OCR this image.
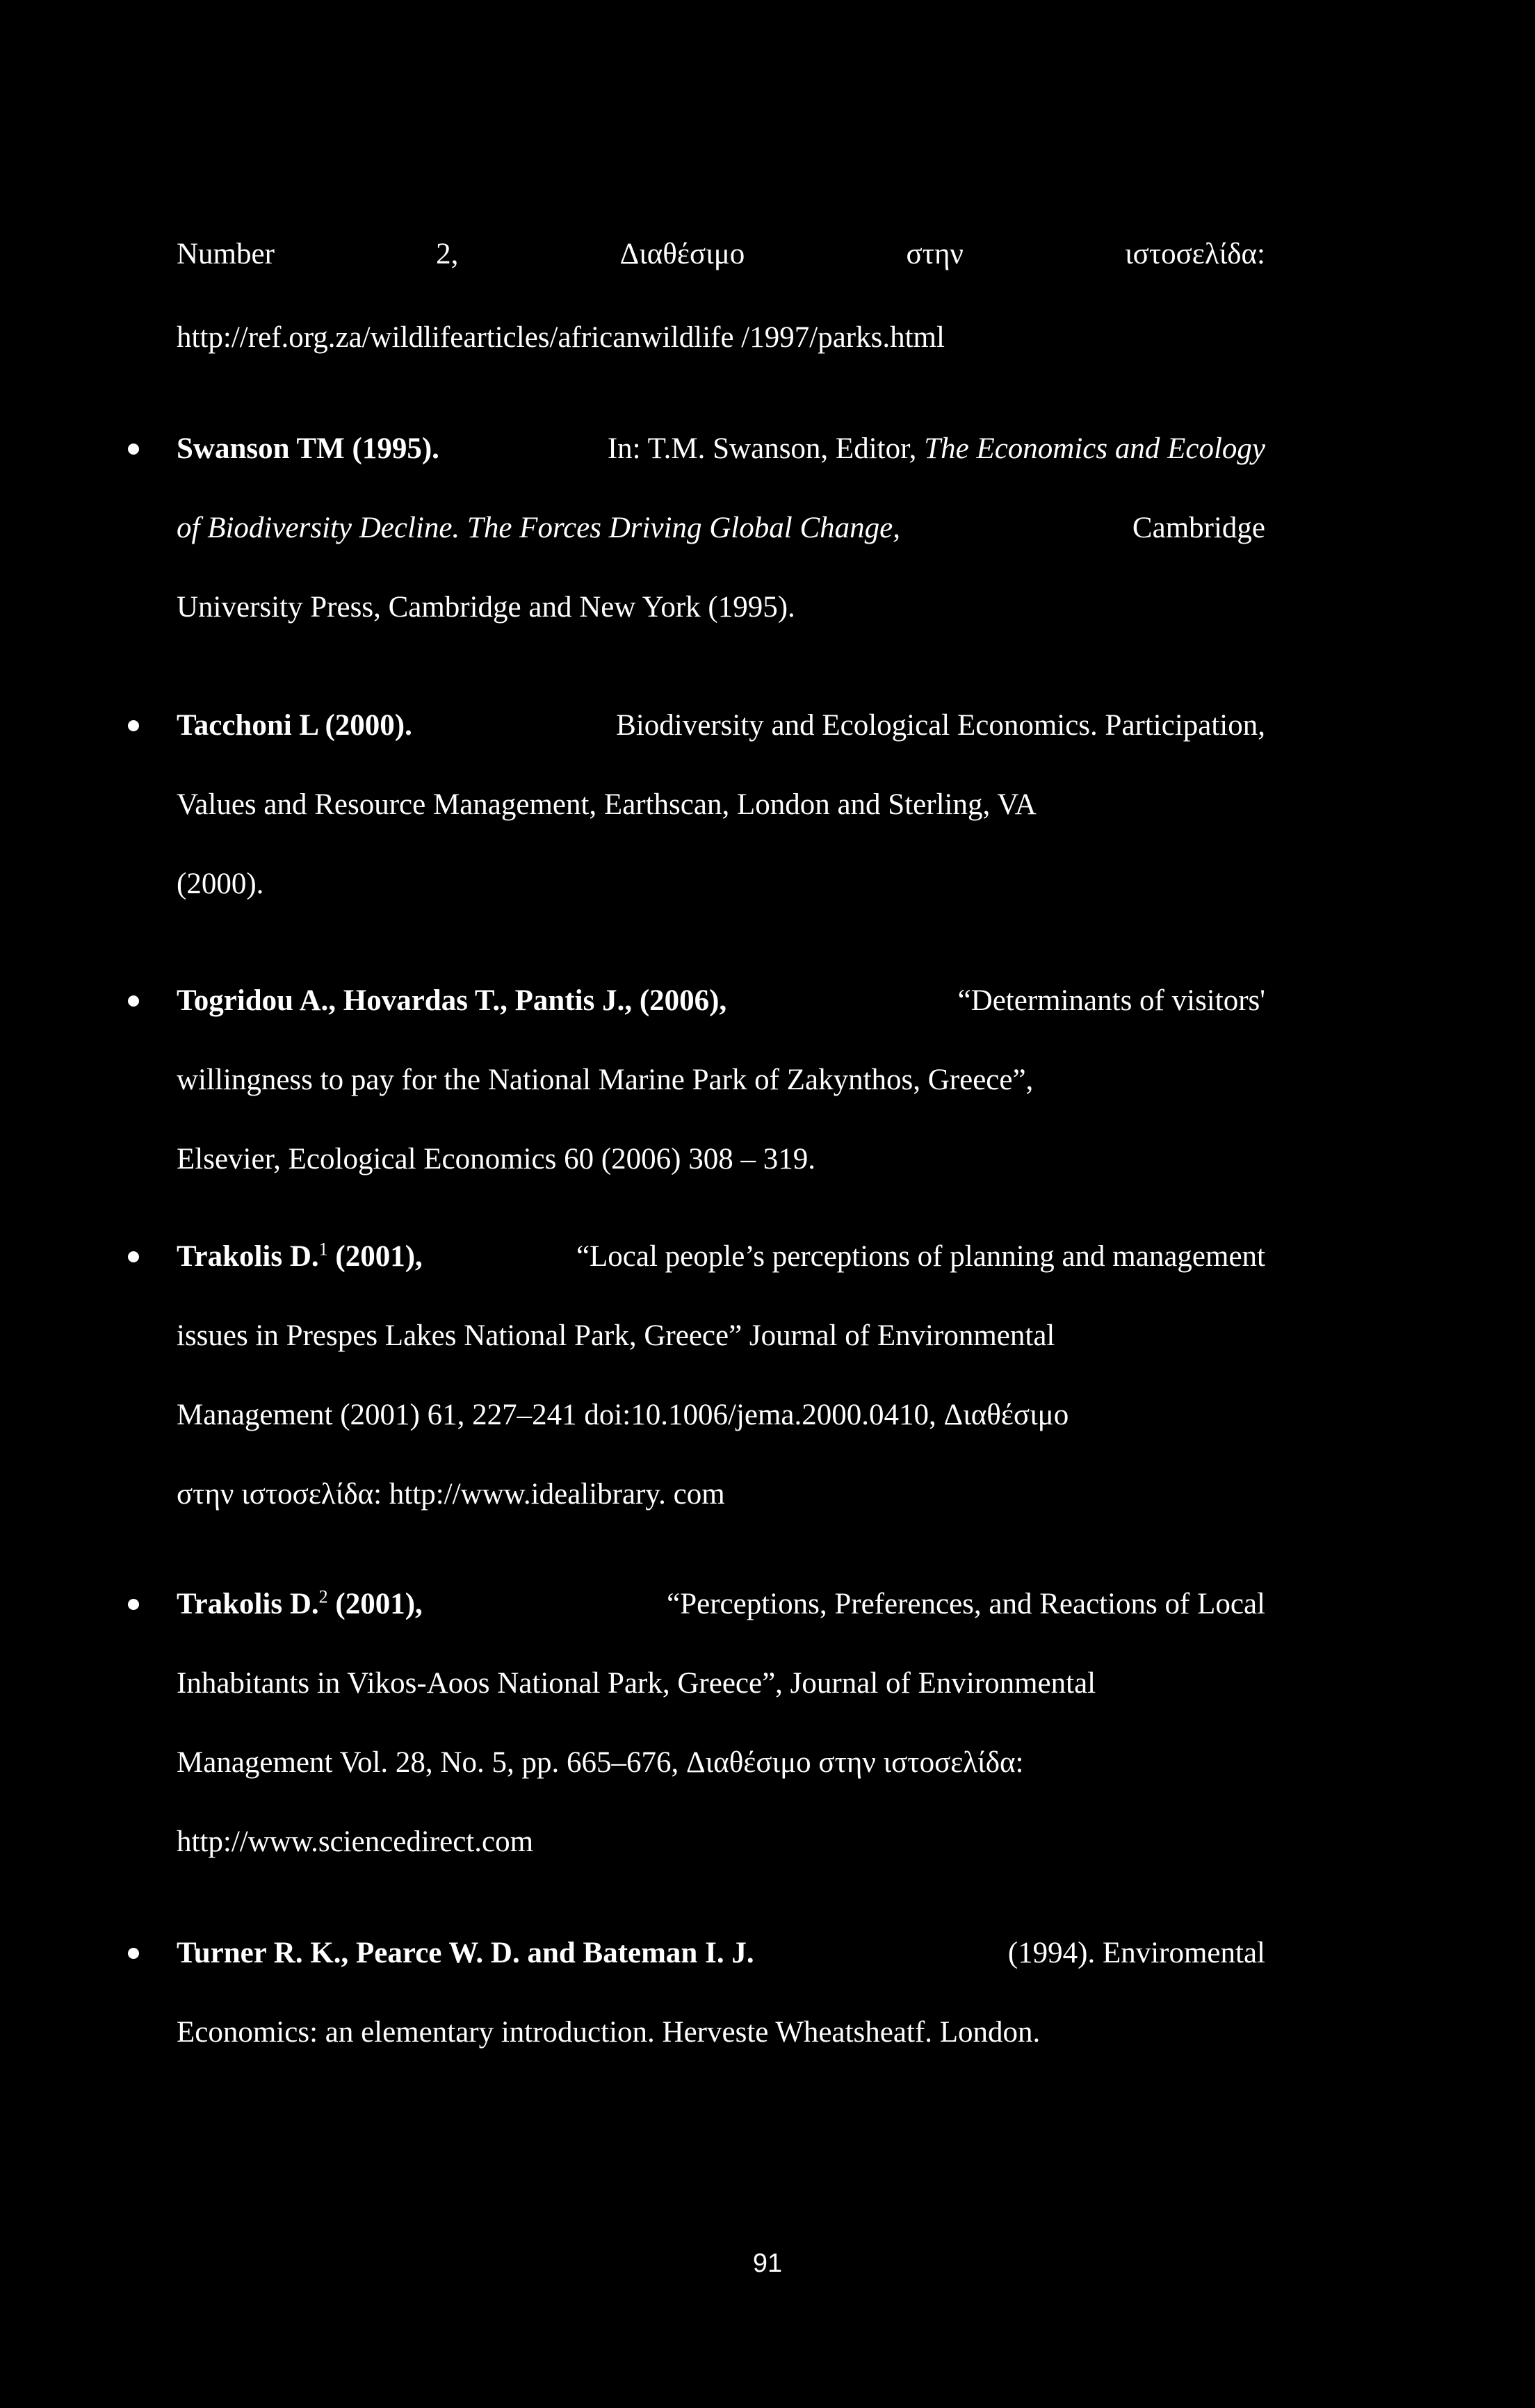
Number	2,	Διαθέσιμο	στην	ιστοσελίδα:
http://ref.org.za/wildlifearticles/africanwildlife /1997/parks.html
Swanson TM (1995).	In: T.M. Swanson, Editor, The Economics and Ecology
of Biodiversity Decline. The Forces Driving Global Change,	Cambridge
University Press, Cambridge and New York (1995).
Tacchoni L (2000).	Biodiversity and Ecological Economics. Participation,
Values and Resource Management, Earthscan, London and Sterling, VA
(2000).
Togridou A., Hovardas T., Pantis J., (2006),	“Determinants of visitors'
willingness to pay for the National Marine Park of Zakynthos, Greece”,
Elsevier, Ecological Economics 60 (2006) 308 – 319.
Trakolis D.$^1$ (2001),	“Local people’s perceptions of planning and management
issues in Prespes Lakes National Park, Greece” Journal of Environmental
Management (2001) 61, 227–241 doi:10.1006/jema.2000.0410, Διαθέσιμο
στην ιστοσελίδα: http://www.idealibrary. com
Trakolis D.$^2$ (2001),	“Perceptions, Preferences, and Reactions of Local
Inhabitants in Vikos-Aoos National Park, Greece”, Journal of Environmental
Management Vol. 28, No. 5, pp. 665–676, Διαθέσιμο στην ιστοσελίδα:
http://www.sciencedirect.com
Turner R. K., Pearce W. D. and Bateman I. J.	(1994). Enviromental
Economics: an elementary introduction. Herveste Wheatsheatf. London.
91
